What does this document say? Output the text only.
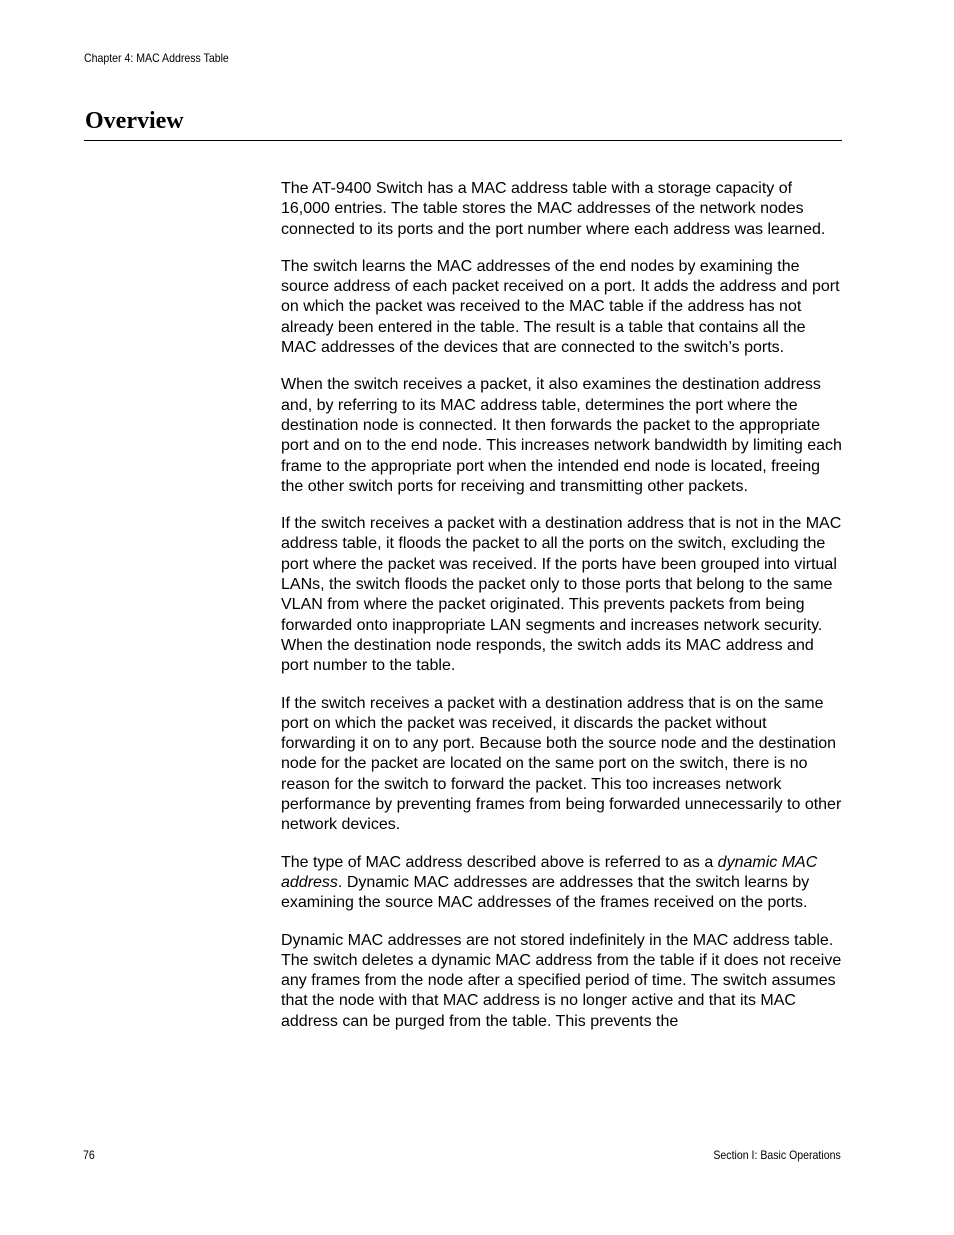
Chapter 4: MAC Address Table
Overview

The AT-9400 Switch has a MAC address table with a storage capacity of 16,000 entries. The table stores the MAC addresses of the network nodes connected to its ports and the port number where each address was learned.

The switch learns the MAC addresses of the end nodes by examining the source address of each packet received on a port. It adds the address and port on which the packet was received to the MAC table if the address has not already been entered in the table. The result is a table that contains all the MAC addresses of the devices that are connected to the switch’s ports.

When the switch receives a packet, it also examines the destination address and, by referring to its MAC address table, determines the port where the destination node is connected. It then forwards the packet to the appropriate port and on to the end node. This increases network bandwidth by limiting each frame to the appropriate port when the intended end node is located, freeing the other switch ports for receiving and transmitting other packets.

If the switch receives a packet with a destination address that is not in the MAC address table, it floods the packet to all the ports on the switch, excluding the port where the packet was received. If the ports have been grouped into virtual LANs, the switch floods the packet only to those ports that belong to the same VLAN from where the packet originated. This prevents packets from being forwarded onto inappropriate LAN segments and increases network security. When the destination node responds, the switch adds its MAC address and port number to the table.

If the switch receives a packet with a destination address that is on the same port on which the packet was received, it discards the packet without forwarding it on to any port. Because both the source node and the destination node for the packet are located on the same port on the switch, there is no reason for the switch to forward the packet. This too increases network performance by preventing frames from being forwarded unnecessarily to other network devices.

The type of MAC address described above is referred to as a dynamic MAC address. Dynamic MAC addresses are addresses that the switch learns by examining the source MAC addresses of the frames received on the ports.

Dynamic MAC addresses are not stored indefinitely in the MAC address table. The switch deletes a dynamic MAC address from the table if it does not receive any frames from the node after a specified period of time. The switch assumes that the node with that MAC address is no longer active and that its MAC address can be purged from the table. This prevents the

76	Section I: Basic Operations
